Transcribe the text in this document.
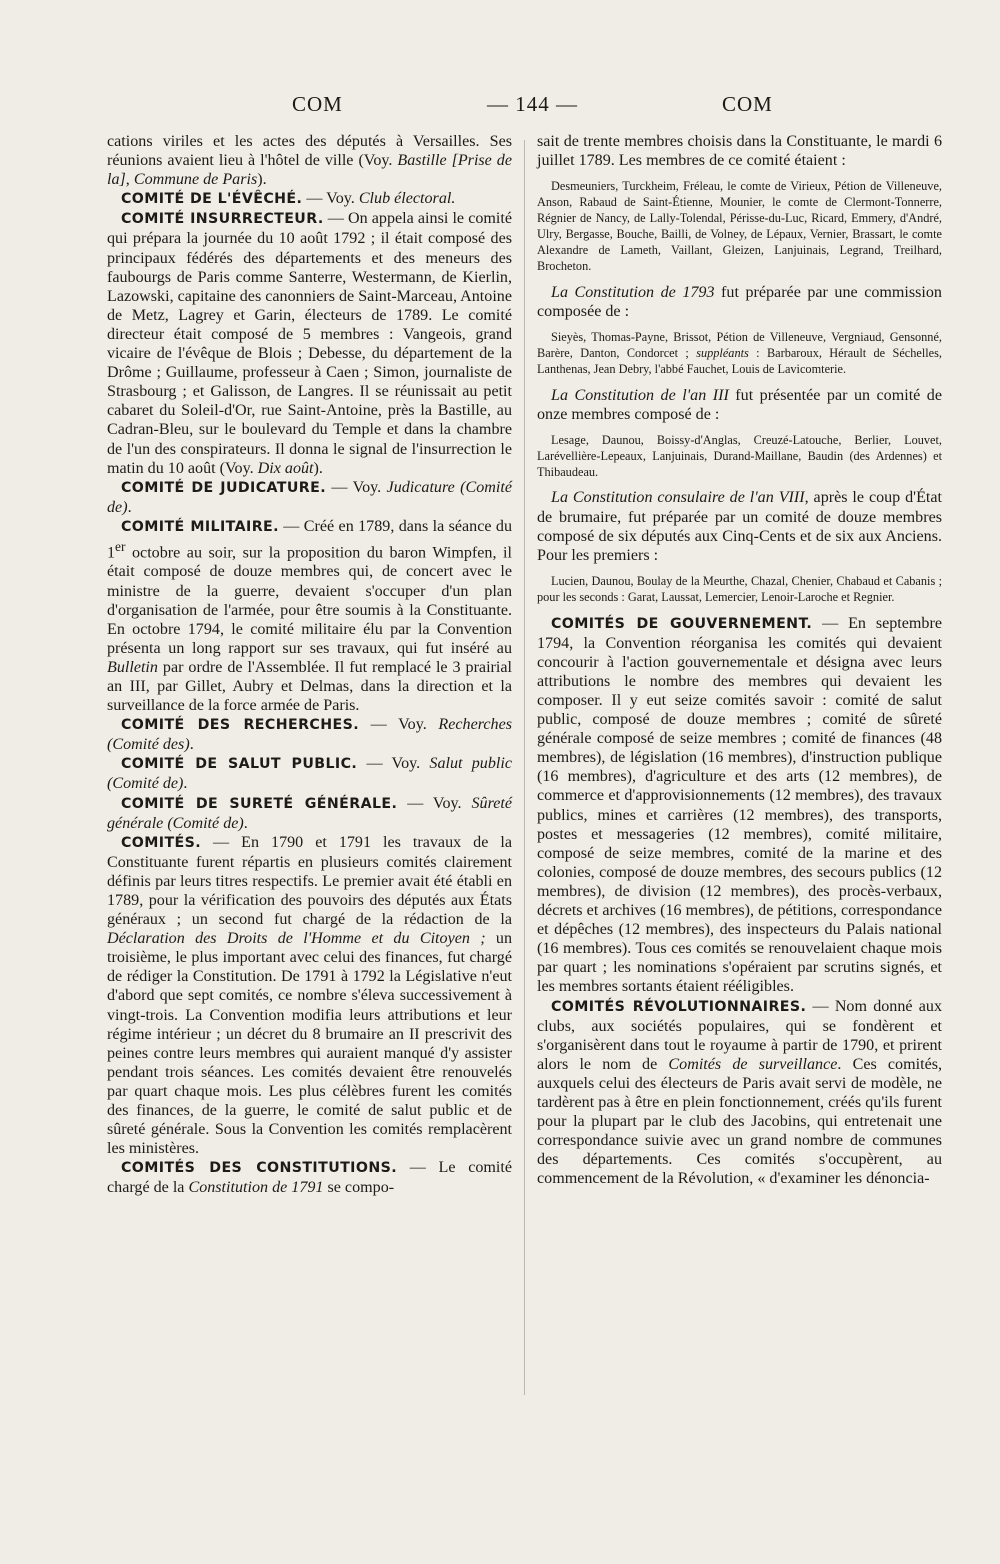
COM	— 144 —	COM

cations viriles et les actes des députés à Versailles. Ses réunions avaient lieu à l'hôtel de ville (Voy. Bastille [Prise de la], Commune de Paris).

COMITÉ DE L'ÉVÊCHÉ. — Voy. Club électoral.

COMITÉ INSURRECTEUR. — On appela ainsi le comité qui prépara la journée du 10 août 1792 ; il était composé des principaux fédérés des départements et des meneurs des faubourgs de Paris comme Santerre, Westermann, de Kierlin, Lazowski, capitaine des canonniers de Saint-Marceau, Antoine de Metz, Lagrey et Garin, électeurs de 1789. Le comité directeur était composé de 5 membres : Vangeois, grand vicaire de l'évêque de Blois ; Debesse, du département de la Drôme ; Guillaume, professeur à Caen ; Simon, journaliste de Strasbourg ; et Galisson, de Langres. Il se réunissait au petit cabaret du Soleil-d'Or, rue Saint-Antoine, près la Bastille, au Cadran-Bleu, sur le boulevard du Temple et dans la chambre de l'un des conspirateurs. Il donna le signal de l'insurrection le matin du 10 août (Voy. Dix août).

COMITÉ DE JUDICATURE. — Voy. Judicature (Comité de).

COMITÉ MILITAIRE. — Créé en 1789, dans la séance du 1er octobre au soir, sur la proposition du baron Wimpfen, il était composé de douze membres qui, de concert avec le ministre de la guerre, devaient s'occuper d'un plan d'organisation de l'armée, pour être soumis à la Constituante. En octobre 1794, le comité militaire élu par la Convention présenta un long rapport sur ses travaux, qui fut inséré au Bulletin par ordre de l'Assemblée. Il fut remplacé le 3 prairial an III, par Gillet, Aubry et Delmas, dans la direction et la surveillance de la force armée de Paris.

COMITÉ DES RECHERCHES. — Voy. Recherches (Comité des).

COMITÉ DE SALUT PUBLIC. — Voy. Salut public (Comité de).

COMITÉ DE SURETÉ GÉNÉRALE. — Voy. Sûreté générale (Comité de).

COMITÉS. — En 1790 et 1791 les travaux de la Constituante furent répartis en plusieurs comités clairement définis par leurs titres respectifs. Le premier avait été établi en 1789, pour la vérification des pouvoirs des députés aux États généraux ; un second fut chargé de la rédaction de la Déclaration des Droits de l'Homme et du Citoyen ; un troisième, le plus important avec celui des finances, fut chargé de rédiger la Constitution. De 1791 à 1792 la Législative n'eut d'abord que sept comités, ce nombre s'éleva successivement à vingt-trois. La Convention modifia leurs attributions et leur régime intérieur ; un décret du 8 brumaire an II prescrivit des peines contre leurs membres qui auraient manqué d'y assister pendant trois séances. Les comités devaient être renouvelés par quart chaque mois. Les plus célèbres furent les comités des finances, de la guerre, le comité de salut public et de sûreté générale. Sous la Convention les comités remplacèrent les ministères.

COMITÉS DES CONSTITUTIONS. — Le comité chargé de la Constitution de 1791 se compo-

sait de trente membres choisis dans la Constituante, le mardi 6 juillet 1789. Les membres de ce comité étaient :

Desmeuniers, Turckheim, Fréleau, le comte de Virieux, Pétion de Villeneuve, Anson, Rabaud de Saint-Étienne, Mounier, le comte de Clermont-Tonnerre, Régnier de Nancy, de Lally-Tolendal, Périsse-du-Luc, Ricard, Emmery, d'André, Ulry, Bergasse, Bouche, Bailli, de Volney, de Lépaux, Vernier, Brassart, le comte Alexandre de Lameth, Vaillant, Gleizen, Lanjuinais, Legrand, Treilhard, Brocheton.

La Constitution de 1793 fut préparée par une commission composée de :

Sieyès, Thomas-Payne, Brissot, Pétion de Villeneuve, Vergniaud, Gensonné, Barère, Danton, Condorcet ; suppléants : Barbaroux, Hérault de Séchelles, Lanthenas, Jean Debry, l'abbé Fauchet, Louis de Lavicomterie.

La Constitution de l'an III fut présentée par un comité de onze membres composé de :

Lesage, Daunou, Boissy-d'Anglas, Creuzé-Latouche, Berlier, Louvet, Larévellière-Lepeaux, Lanjuinais, Durand-Maillane, Baudin (des Ardennes) et Thibaudeau.

La Constitution consulaire de l'an VIII, après le coup d'État de brumaire, fut préparée par un comité de douze membres composé de six députés aux Cinq-Cents et de six aux Anciens. Pour les premiers :

Lucien, Daunou, Boulay de la Meurthe, Chazal, Chenier, Chabaud et Cabanis ; pour les seconds : Garat, Laussat, Lemercier, Lenoir-Laroche et Regnier.

COMITÉS DE GOUVERNEMENT. — En septembre 1794, la Convention réorganisa les comités qui devaient concourir à l'action gouvernementale et désigna avec leurs attributions le nombre des membres qui devaient les composer. Il y eut seize comités savoir : comité de salut public, composé de douze membres ; comité de sûreté générale composé de seize membres ; comité de finances (48 membres), de législation (16 membres), d'instruction publique (16 membres), d'agriculture et des arts (12 membres), de commerce et d'approvisionnements (12 membres), des travaux publics, mines et carrières (12 membres), des transports, postes et messageries (12 membres), comité militaire, composé de seize membres, comité de la marine et des colonies, composé de douze membres, des secours publics (12 membres), de division (12 membres), des procès-verbaux, décrets et archives (16 membres), de pétitions, correspondance et dépêches (12 membres), des inspecteurs du Palais national (16 membres). Tous ces comités se renouvelaient chaque mois par quart ; les nominations s'opéraient par scrutins signés, et les membres sortants étaient rééligibles.

COMITÉS RÉVOLUTIONNAIRES. — Nom donné aux clubs, aux sociétés populaires, qui se fondèrent et s'organisèrent dans tout le royaume à partir de 1790, et prirent alors le nom de Comités de surveillance. Ces comités, auxquels celui des électeurs de Paris avait servi de modèle, ne tardèrent pas à être en plein fonctionnement, créés qu'ils furent pour la plupart par le club des Jacobins, qui entretenait une correspondance suivie avec un grand nombre de communes des départements. Ces comités s'occupèrent, au commencement de la Révolution, « d'examiner les dénoncia-
